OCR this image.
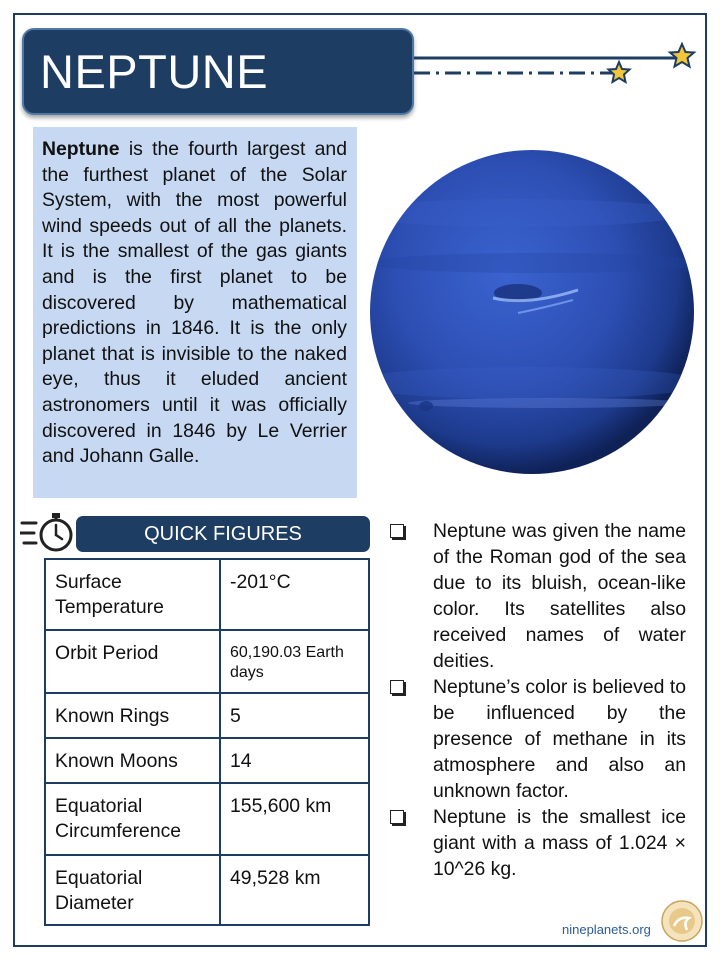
NEPTUNE
Neptune is the fourth largest and the furthest planet of the Solar System, with the most powerful wind speeds out of all the planets. It is the smallest of the gas giants and is the first planet to be discovered by mathematical predictions in 1846. It is the only planet that is invisible to the naked eye, thus it eluded ancient astronomers until it was officially discovered in 1846 by Le Verrier and Johann Galle.
QUICK FIGURES
Surface Temperature	-201°C
Orbit Period	60,190.03 Earth days
Known Rings	5
Known Moons	14
Equatorial Circumference	155,600 km
Equatorial Diameter	49,528 km

Neptune was given the name of the Roman god of the sea due to its bluish, ocean-like color. Its satellites also received names of water deities.

Neptune’s color is believed to be influenced by the presence of methane in its atmosphere and also an unknown factor.

Neptune is the smallest ice giant with a mass of 1.024 × 10^26 kg.

nineplanets.org
